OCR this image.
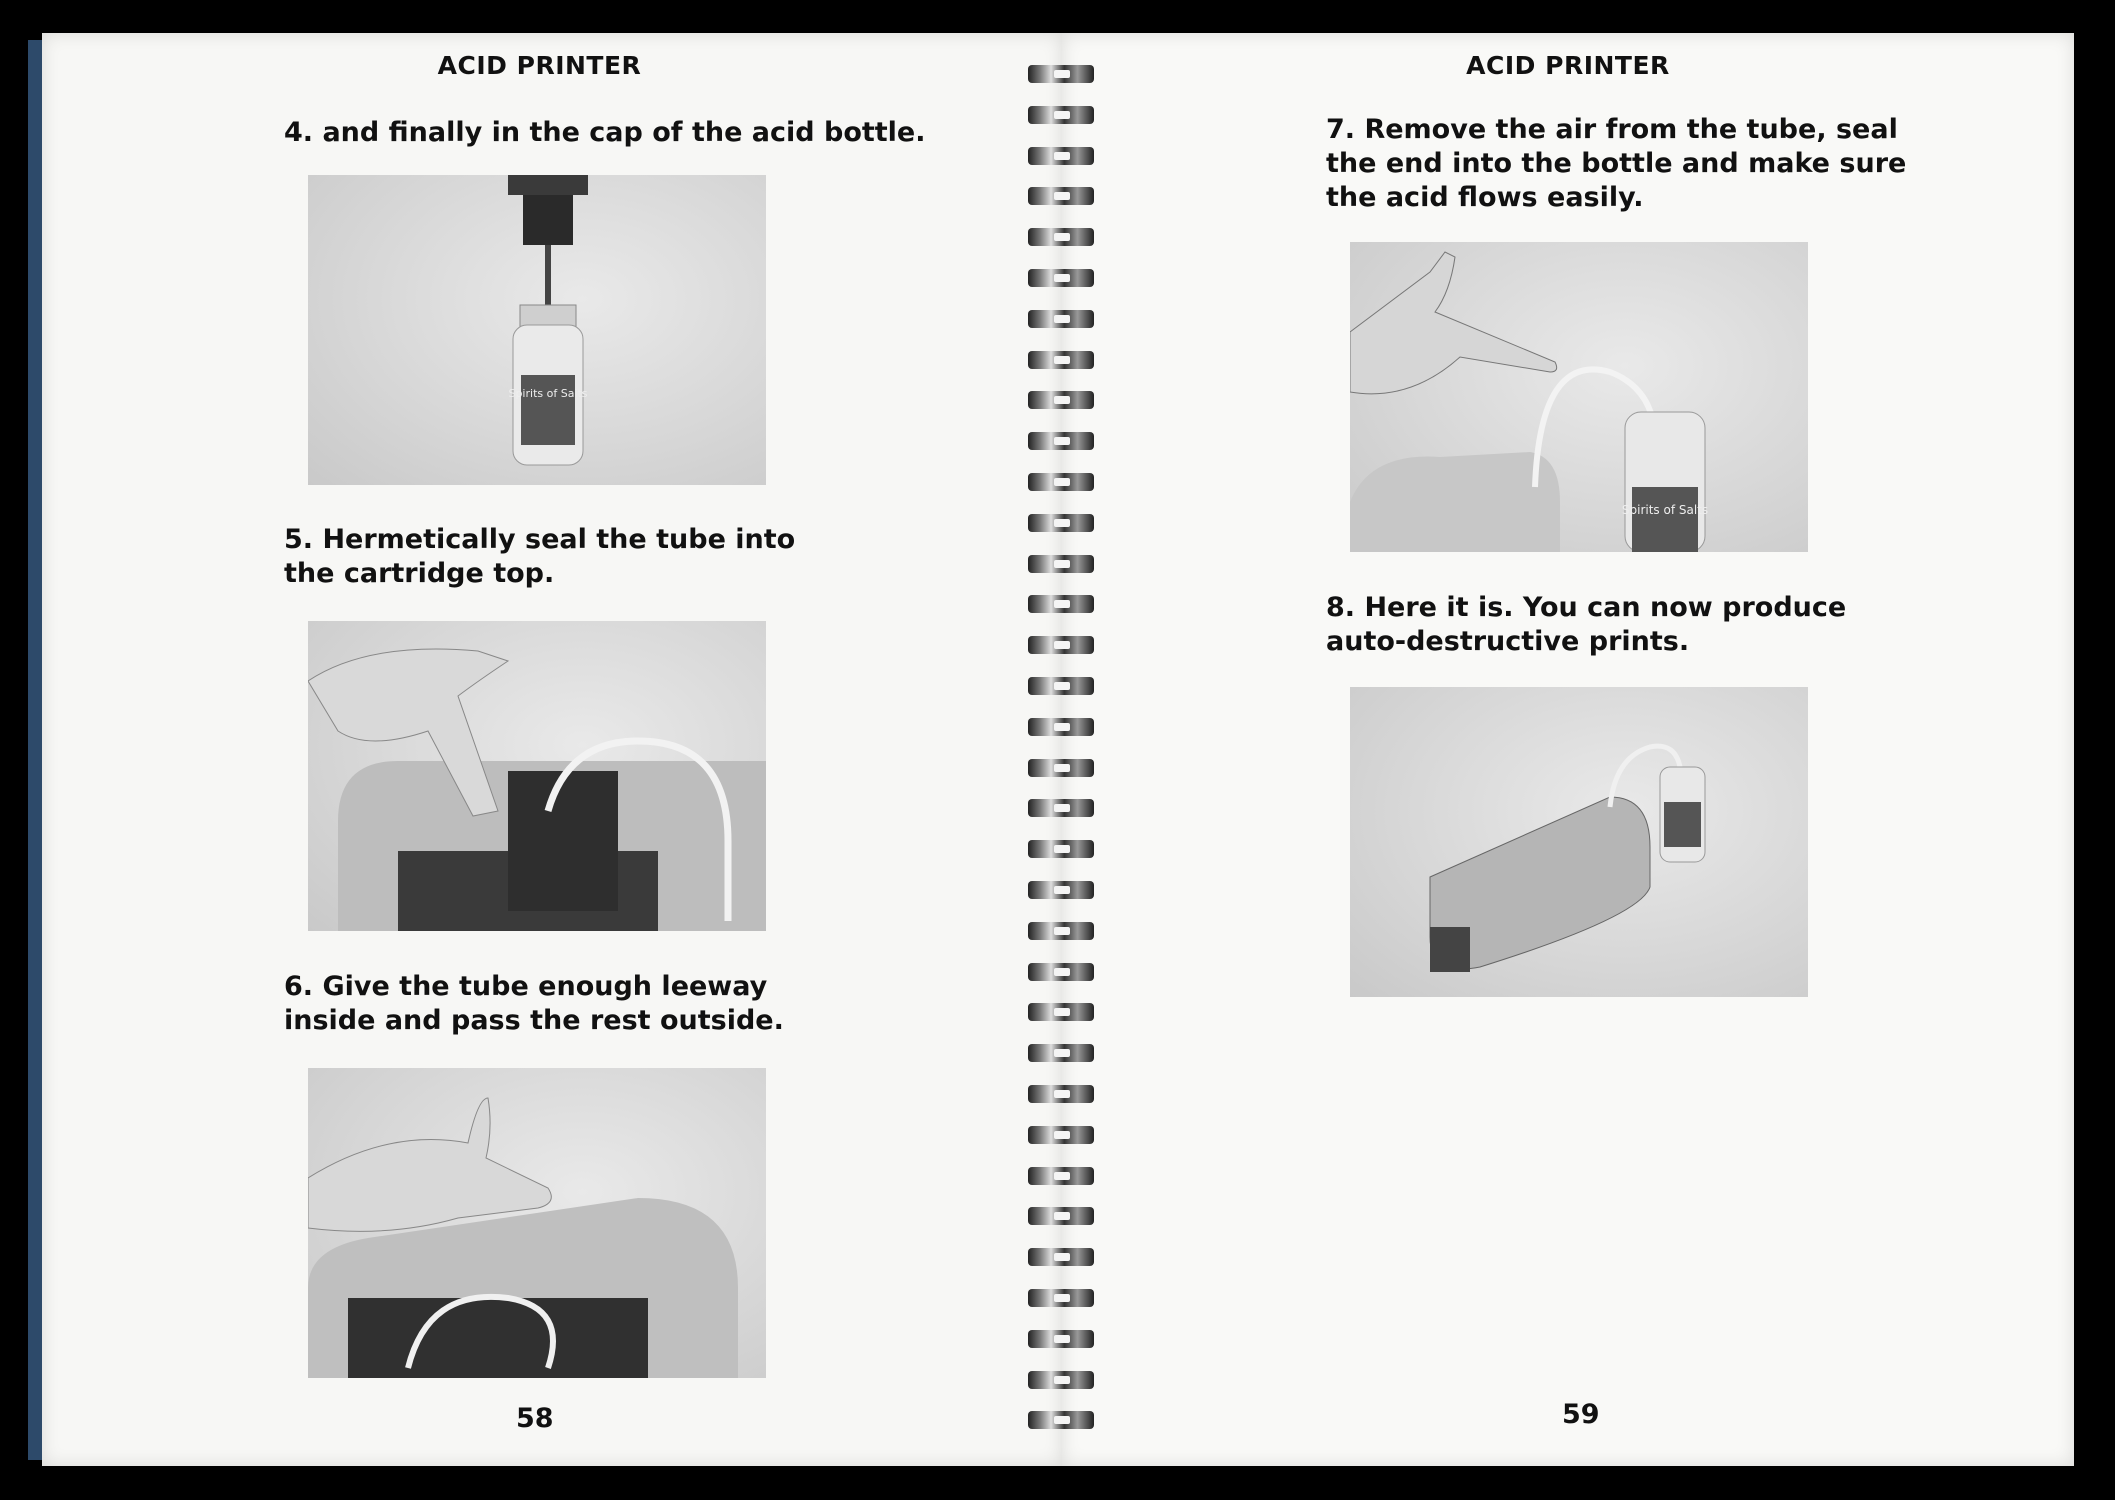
ACID PRINTER
4. and finally in the cap of the acid bottle.
Spirits of Salts
5. Hermetically seal the tube into
the cartridge top.
6. Give the tube enough leeway
inside and pass the rest outside.
58
ACID PRINTER
7. Remove the air from the tube, seal
the end into the bottle and make sure
the acid flows easily.
Spirits of Salts
8. Here it is. You can now produce
auto-destructive prints.
59
